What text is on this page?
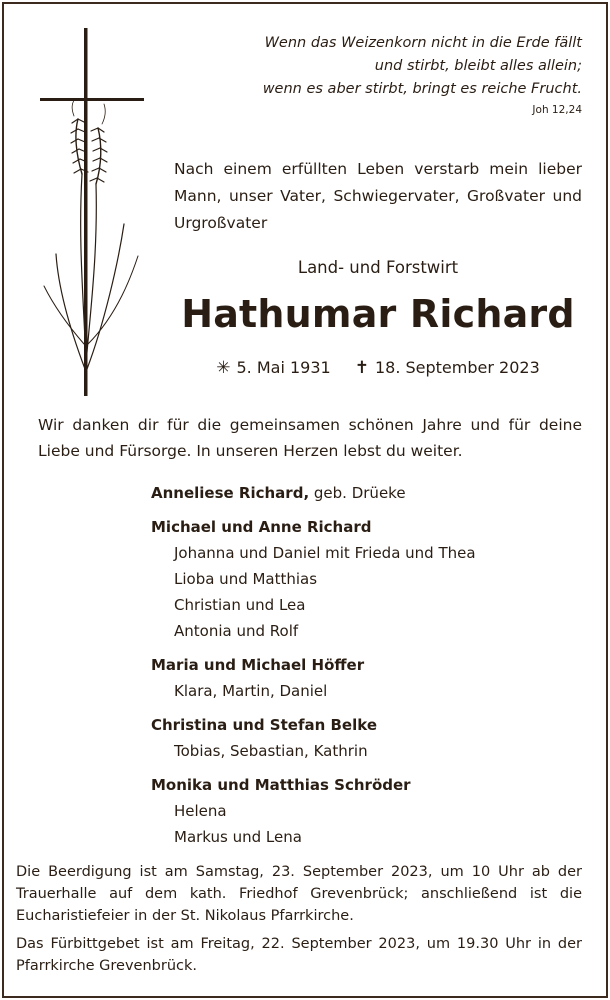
Wenn das Weizenkorn nicht in die Erde fällt
und stirbt, bleibt alles allein;
wenn es aber stirbt, bringt es reiche Frucht.
Joh 12,24
Nach einem erfüllten Leben verstarb mein lieber Mann, unser Vater, Schwiegervater, Großvater und Urgroßvater
Land- und Forstwirt
Hathumar Richard
✳ 5. Mai 1931 ✝ 18. September 2023
Wir danken dir für die gemeinsamen schönen Jahre und für deine Liebe und Fürsorge. In unseren Herzen lebst du weiter.
Anneliese Richard, geb. Drüeke
Michael und Anne Richard
Johanna und Daniel mit Frieda und Thea
Lioba und Matthias
Christian und Lea
Antonia und Rolf
Maria und Michael Höffer
Klara, Martin, Daniel
Christina und Stefan Belke
Tobias, Sebastian, Kathrin
Monika und Matthias Schröder
Helena
Markus und Lena

Die Beerdigung ist am Samstag, 23. September 2023, um 10 Uhr ab der Trauerhalle auf dem kath. Friedhof Grevenbrück; anschließend ist die Eucharistiefeier in der St. Nikolaus Pfarrkirche.

Das Fürbittgebet ist am Freitag, 22. September 2023, um 19.30 Uhr in der Pfarrkirche Grevenbrück.
